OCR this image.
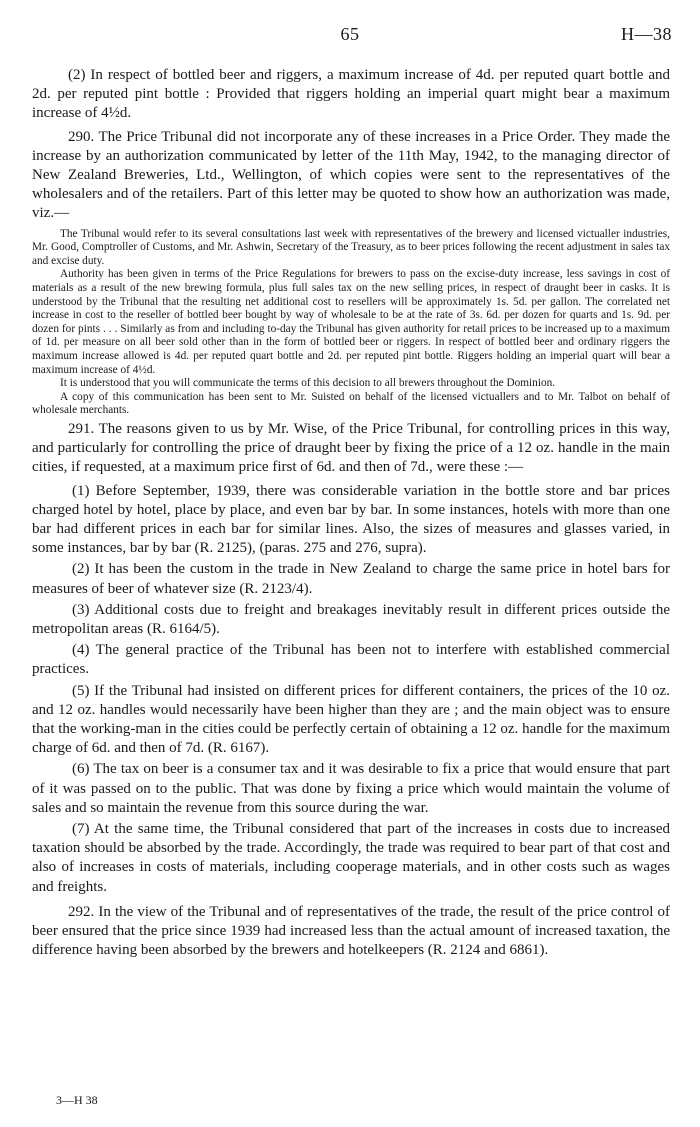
65	H—38

(2) In respect of bottled beer and riggers, a maximum increase of 4d. per reputed quart bottle and 2d. per reputed pint bottle : Provided that riggers holding an imperial quart might bear a maximum increase of 4½d.

290. The Price Tribunal did not incorporate any of these increases in a Price Order. They made the increase by an authorization communicated by letter of the 11th May, 1942, to the managing director of New Zealand Breweries, Ltd., Wellington, of which copies were sent to the representatives of the wholesalers and of the retailers. Part of this letter may be quoted to show how an authorization was made, viz.—

The Tribunal would refer to its several consultations last week with representatives of the brewery and licensed victualler industries, Mr. Good, Comptroller of Customs, and Mr. Ashwin, Secretary of the Treasury, as to beer prices following the recent adjustment in sales tax and excise duty.

Authority has been given in terms of the Price Regulations for brewers to pass on the excise-duty increase, less savings in cost of materials as a result of the new brewing formula, plus full sales tax on the new selling prices, in respect of draught beer in casks. It is understood by the Tribunal that the resulting net additional cost to resellers will be approximately 1s. 5d. per gallon. The correlated net increase in cost to the reseller of bottled beer bought by way of wholesale to be at the rate of 3s. 6d. per dozen for quarts and 1s. 9d. per dozen for pints . . . Similarly as from and including to-day the Tribunal has given authority for retail prices to be increased up to a maximum of 1d. per measure on all beer sold other than in the form of bottled beer or riggers. In respect of bottled beer and ordinary riggers the maximum increase allowed is 4d. per reputed quart bottle and 2d. per reputed pint bottle. Riggers holding an imperial quart will bear a maximum increase of 4½d.

It is understood that you will communicate the terms of this decision to all brewers throughout the Dominion.

A copy of this communication has been sent to Mr. Suisted on behalf of the licensed victuallers and to Mr. Talbot on behalf of wholesale merchants.

291. The reasons given to us by Mr. Wise, of the Price Tribunal, for controlling prices in this way, and particularly for controlling the price of draught beer by fixing the price of a 12 oz. handle in the main cities, if requested, at a maximum price first of 6d. and then of 7d., were these :—

(1) Before September, 1939, there was considerable variation in the bottle store and bar prices charged hotel by hotel, place by place, and even bar by bar. In some instances, hotels with more than one bar had different prices in each bar for similar lines. Also, the sizes of measures and glasses varied, in some instances, bar by bar (R. 2125), (paras. 275 and 276, supra).

(2) It has been the custom in the trade in New Zealand to charge the same price in hotel bars for measures of beer of whatever size (R. 2123/4).

(3) Additional costs due to freight and breakages inevitably result in different prices outside the metropolitan areas (R. 6164/5).

(4) The general practice of the Tribunal has been not to interfere with established commercial practices.

(5) If the Tribunal had insisted on different prices for different containers, the prices of the 10 oz. and 12 oz. handles would necessarily have been higher than they are ; and the main object was to ensure that the working-man in the cities could be perfectly certain of obtaining a 12 oz. handle for the maximum charge of 6d. and then of 7d. (R. 6167).

(6) The tax on beer is a consumer tax and it was desirable to fix a price that would ensure that part of it was passed on to the public. That was done by fixing a price which would maintain the volume of sales and so maintain the revenue from this source during the war.

(7) At the same time, the Tribunal considered that part of the increases in costs due to increased taxation should be absorbed by the trade. Accordingly, the trade was required to bear part of that cost and also of increases in costs of materials, including cooperage materials, and in other costs such as wages and freights.

292. In the view of the Tribunal and of representatives of the trade, the result of the price control of beer ensured that the price since 1939 had increased less than the actual amount of increased taxation, the difference having been absorbed by the brewers and hotelkeepers (R. 2124 and 6861).

3—H 38
